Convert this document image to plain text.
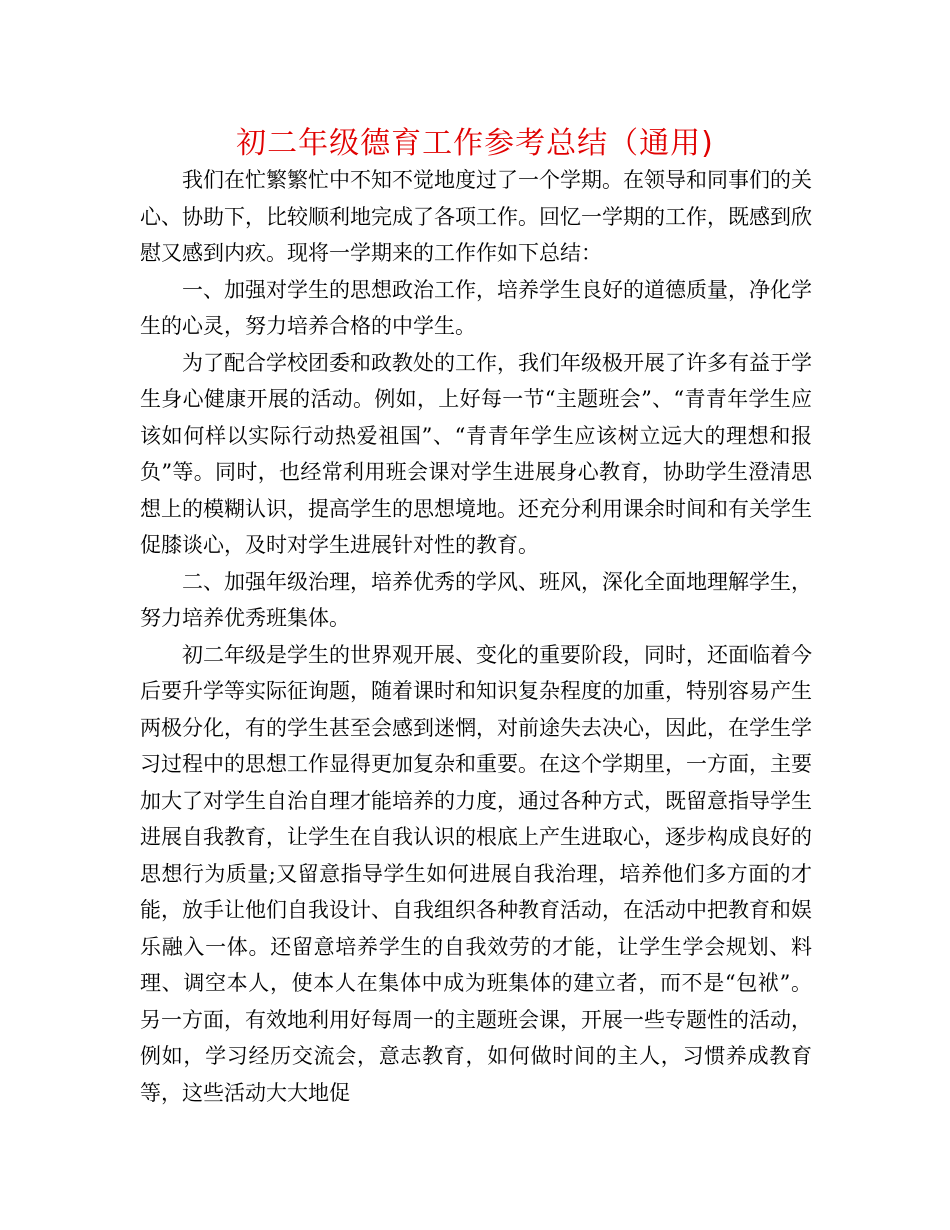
初二年级德育工作参考总结（通用)

我们在忙繁繁忙中不知不觉地度过了一个学期。在领导和同事们的关心、协助下，比较顺利地完成了各项工作。回忆一学期的工作，既感到欣慰又感到内疚。现将一学期来的工作作如下总结：

一、加强对学生的思想政治工作，培养学生良好的道德质量，净化学生的心灵，努力培养合格的中学生。

为了配合学校团委和政教处的工作，我们年级极开展了许多有益于学生身心健康开展的活动。例如，上好每一节“主题班会”、“青青年学生应该如何样以实际行动热爱祖国”、“青青年学生应该树立远大的理想和报负”等。同时，也经常利用班会课对学生进展身心教育，协助学生澄清思想上的模糊认识，提高学生的思想境地。还充分利用课余时间和有关学生促膝谈心，及时对学生进展针对性的教育。

二、加强年级治理，培养优秀的学风、班风，深化全面地理解学生，努力培养优秀班集体。

初二年级是学生的世界观开展、变化的重要阶段，同时，还面临着今后要升学等实际征询题，随着课时和知识复杂程度的加重，特别容易产生两极分化，有的学生甚至会感到迷惘，对前途失去决心，因此，在学生学习过程中的思想工作显得更加复杂和重要。在这个学期里，一方面，主要加大了对学生自治自理才能培养的力度，通过各种方式，既留意指导学生进展自我教育，让学生在自我认识的根底上产生进取心，逐步构成良好的思想行为质量;又留意指导学生如何进展自我治理，培养他们多方面的才能，放手让他们自我设计、自我组织各种教育活动，在活动中把教育和娱乐融入一体。还留意培养学生的自我效劳的才能，让学生学会规划、料理、调空本人，使本人在集体中成为班集体的建立者，而不是“包袱”。另一方面，有效地利用好每周一的主题班会课，开展一些专题性的活动，例如，学习经历交流会，意志教育，如何做时间的主人，习惯养成教育等，这些活动大大地促
